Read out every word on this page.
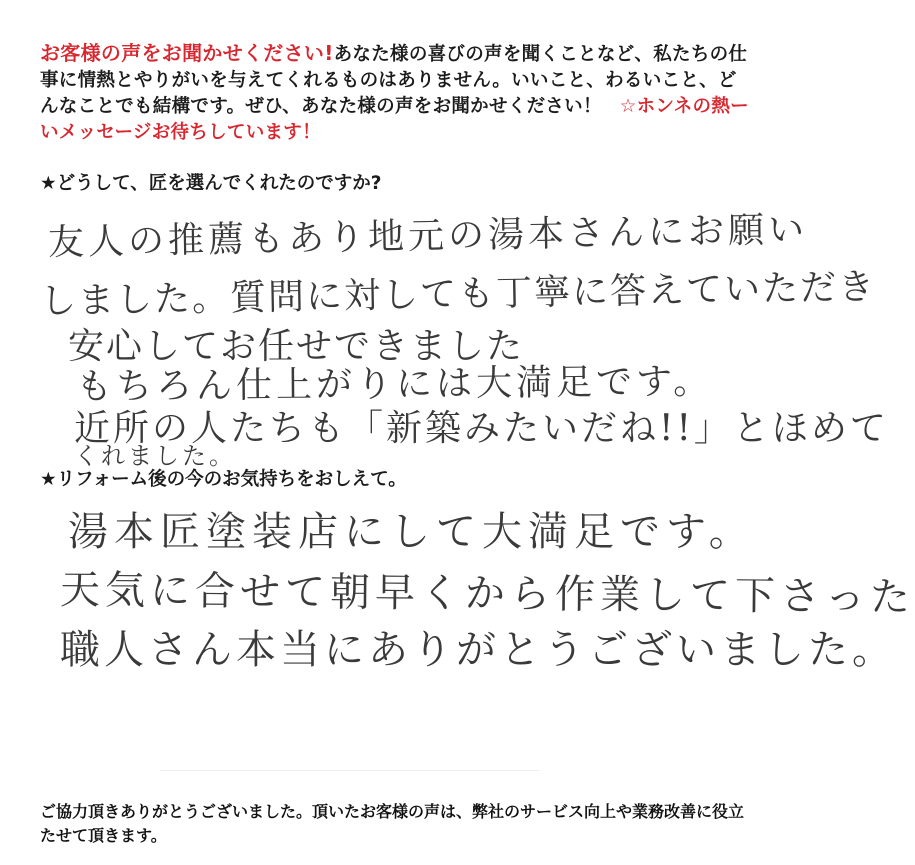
お客様の声をお聞かせください!あなた様の喜びの声を聞くことなど、私たちの仕事に情熱とやりがいを与えてくれるものはありません。いいこと、わるいこと、どんなことでも結構です。ぜひ、あなた様の声をお聞かせください！ ☆ホンネの熱ーいメッセージお待ちしています！
★どうして、匠を選んでくれたのですか?
友人の推薦もあり地元の湯本さんにお願い
しました。質問に対しても丁寧に答えていただき
安心してお任せできました
もちろん仕上がりには大満足です。
近所の人たちも「新築みたいだね!!」とほめて
くれました。
★リフォーム後の今のお気持ちをおしえて。
湯本匠塗装店にして大満足です。
天気に合せて朝早くから作業して下さった
職人さん本当にありがとうございました。
ご協力頂きありがとうございました。頂いたお客様の声は、弊社のサービス向上や業務改善に役立たせて頂きます。
